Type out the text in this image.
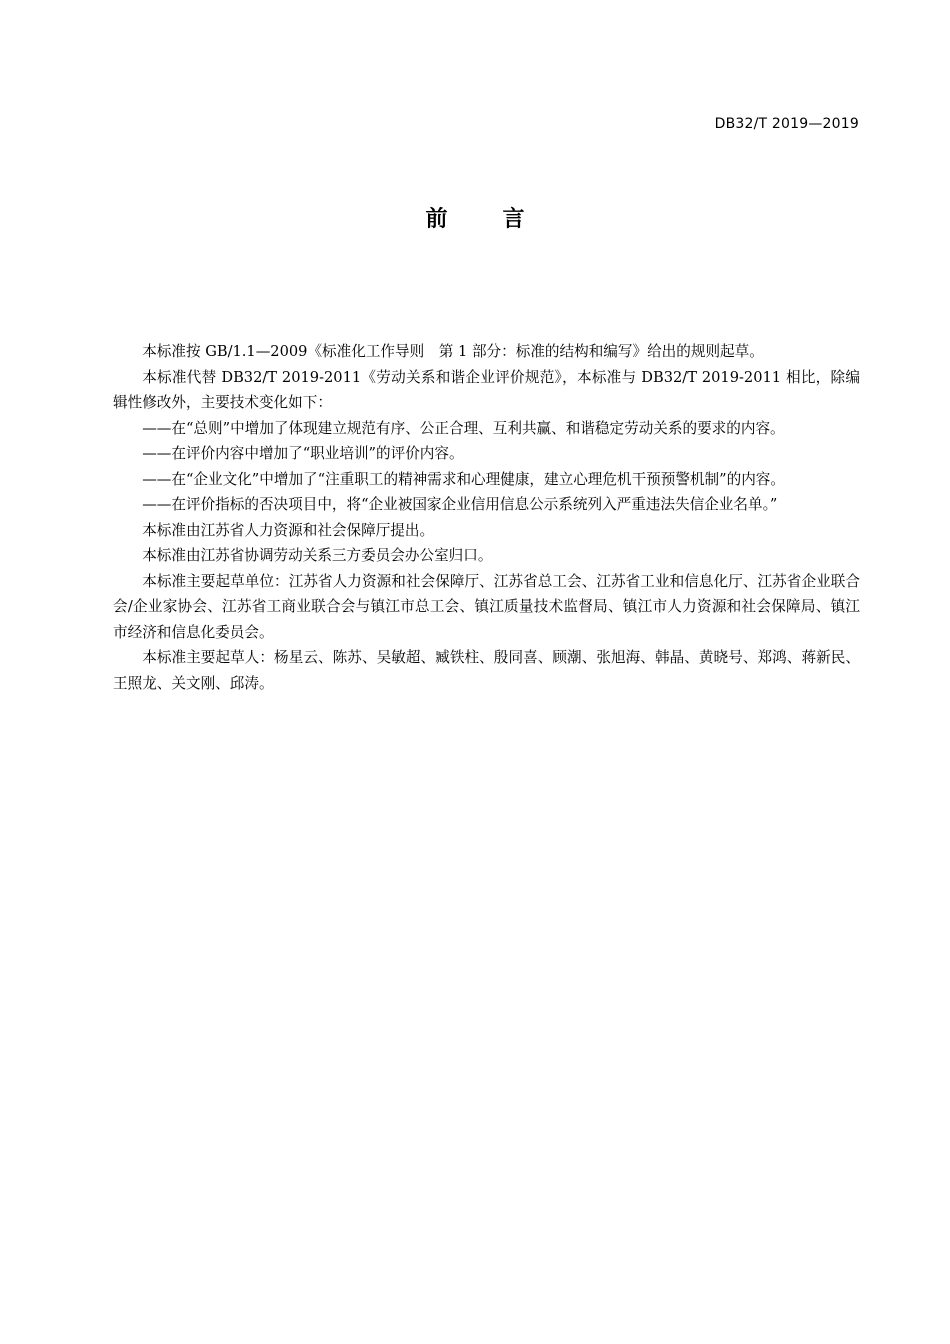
DB32/T 2019—2019
前言

本标准按 GB/1.1—2009《标准化工作导则　第 1 部分：标准的结构和编写》给出的规则起草。

本标准代替 DB32/T 2019-2011《劳动关系和谐企业评价规范》，本标准与 DB32/T 2019-2011 相比，除编辑性修改外，主要技术变化如下：

——在“总则”中增加了体现建立规范有序、公正合理、互利共赢、和谐稳定劳动关系的要求的内容。

——在评价内容中增加了“职业培训”的评价内容。

——在“企业文化”中增加了“注重职工的精神需求和心理健康，建立心理危机干预预警机制”的内容。

——在评价指标的否决项目中，将“企业被国家企业信用信息公示系统列入严重违法失信企业名单。”

本标准由江苏省人力资源和社会保障厅提出。

本标准由江苏省协调劳动关系三方委员会办公室归口。

本标准主要起草单位：江苏省人力资源和社会保障厅、江苏省总工会、江苏省工业和信息化厅、江苏省企业联合会/企业家协会、江苏省工商业联合会与镇江市总工会、镇江质量技术监督局、镇江市人力资源和社会保障局、镇江市经济和信息化委员会。

本标准主要起草人：杨星云、陈苏、吴敏超、臧铁柱、殷同喜、顾潮、张旭海、韩晶、黄晓号、郑鸿、蒋新民、王照龙、关文刚、邱涛。
